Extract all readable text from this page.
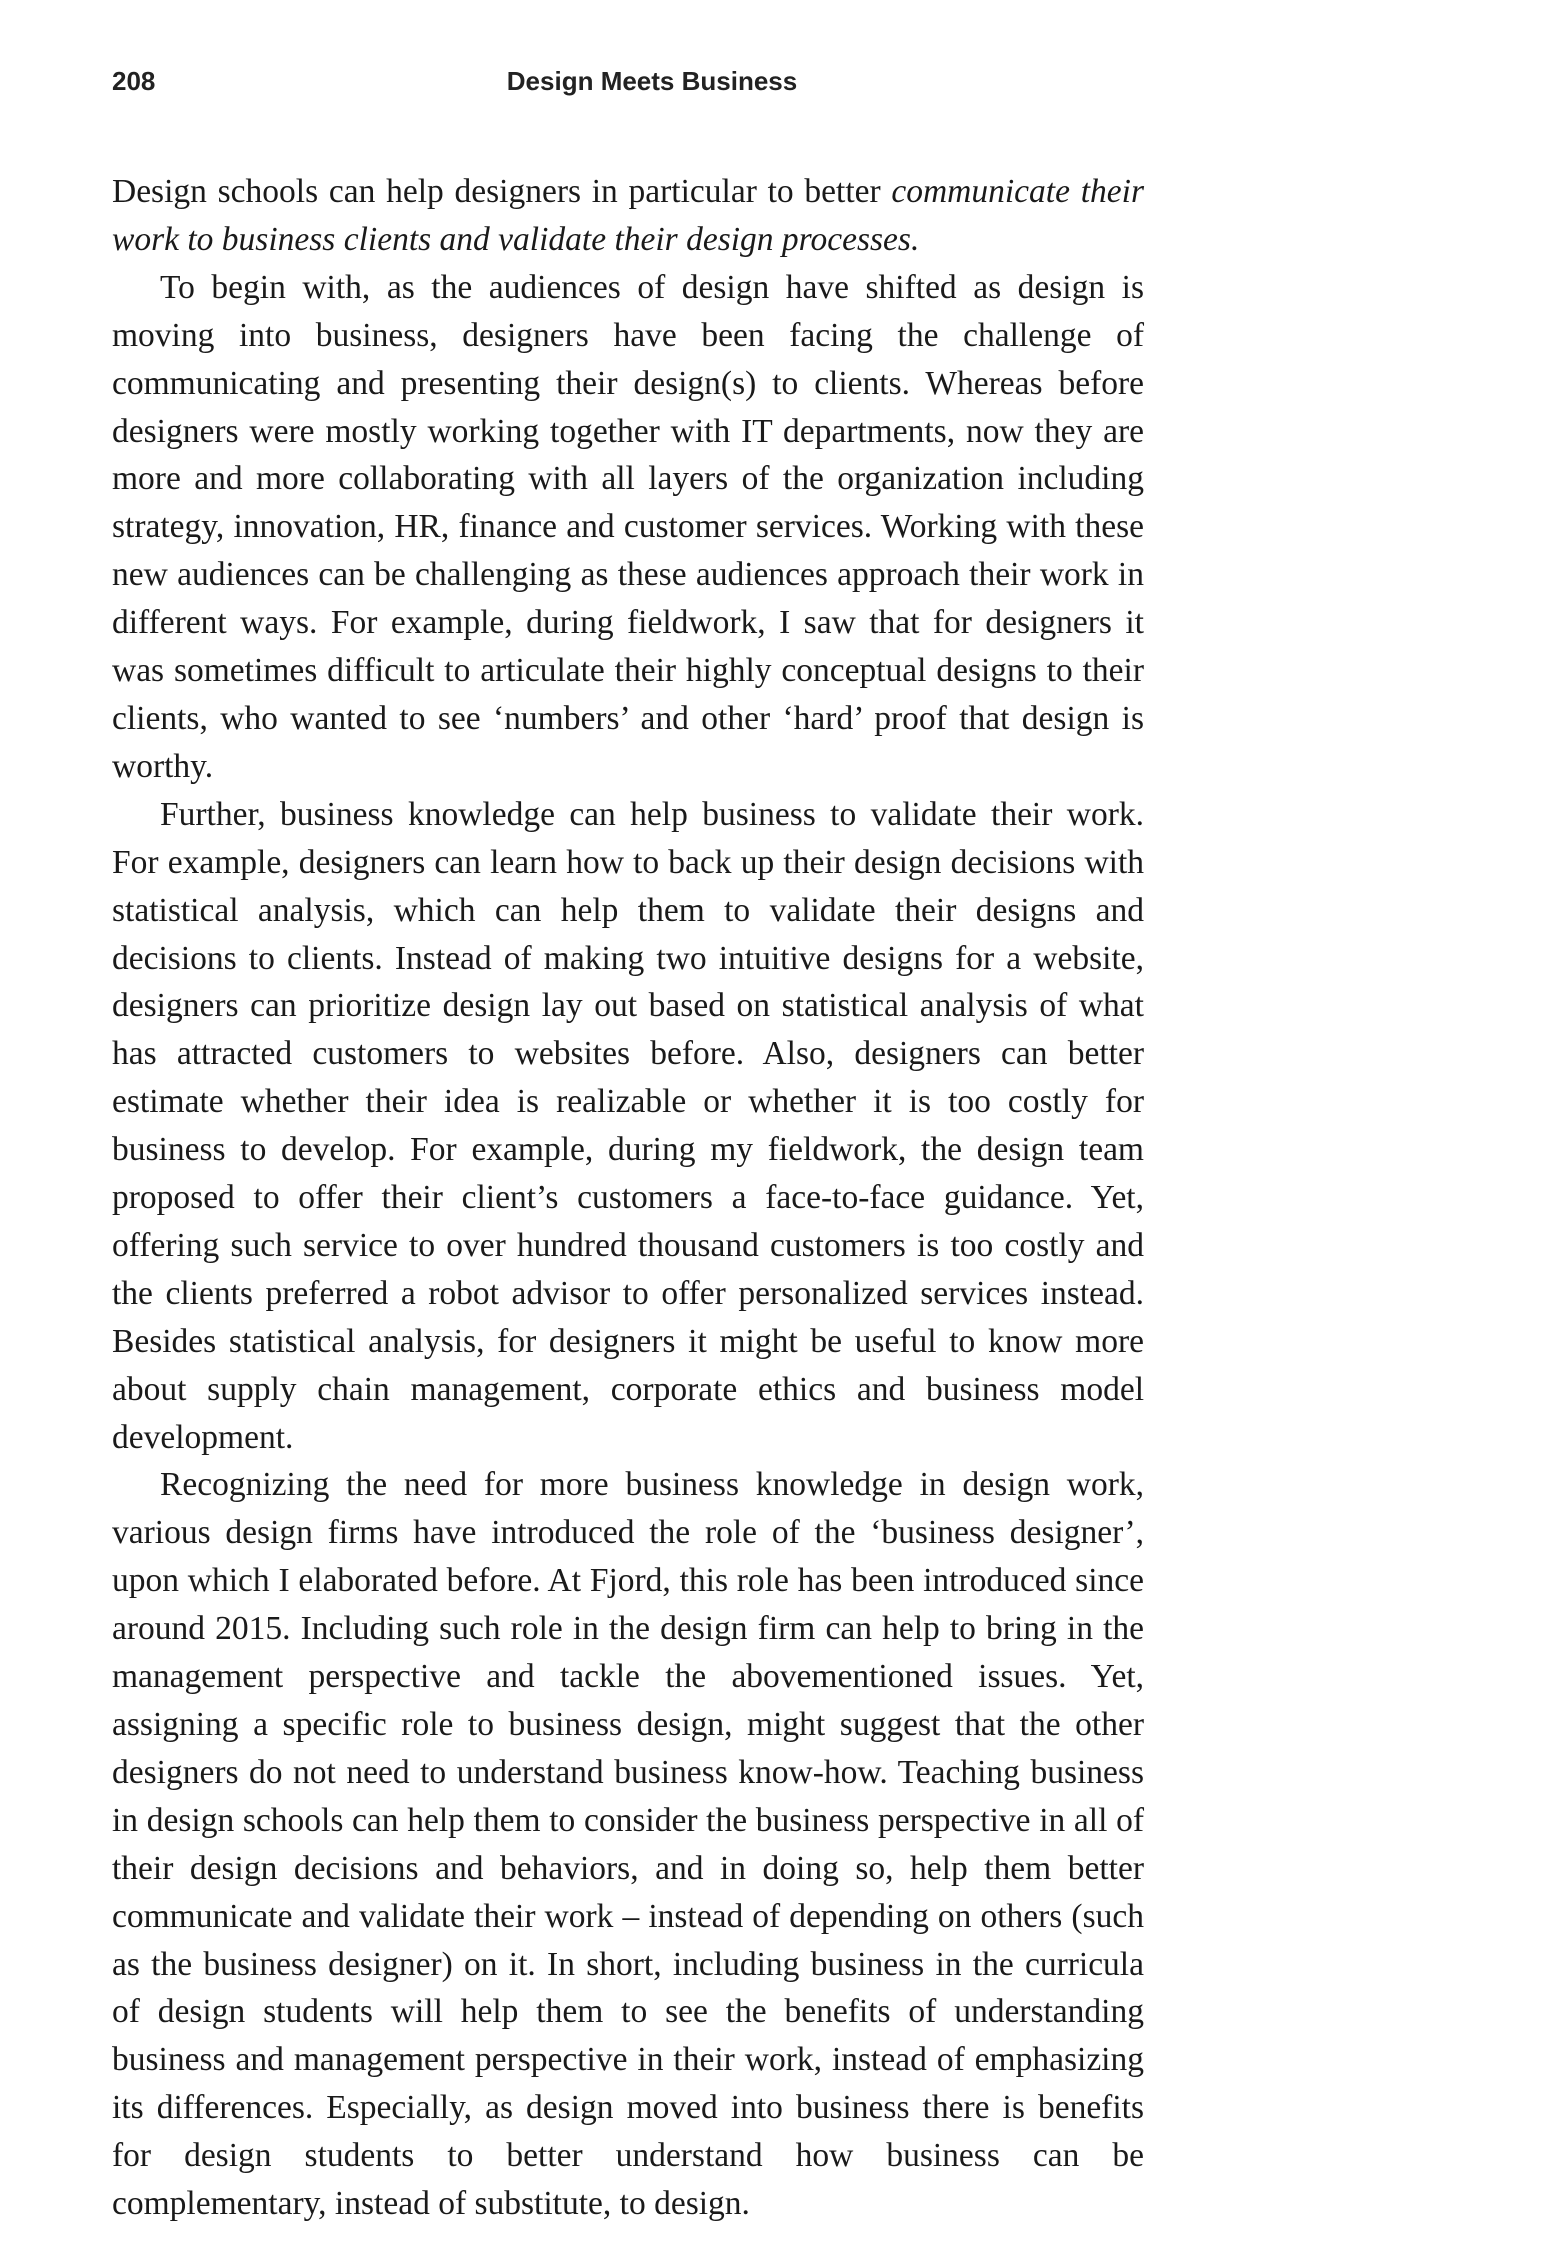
208	Design Meets Business

Design schools can help designers in particular to better communicate their work to business clients and validate their design processes.

To begin with, as the audiences of design have shifted as design is moving into business, designers have been facing the challenge of communicating and presenting their design(s) to clients. Whereas before designers were mostly working together with IT departments, now they are more and more collaborating with all layers of the organization including strategy, innovation, HR, finance and customer services. Working with these new audiences can be challenging as these audiences approach their work in different ways. For example, during fieldwork, I saw that for designers it was sometimes difficult to articulate their highly conceptual designs to their clients, who wanted to see ‘numbers’ and other ‘hard’ proof that design is worthy.

Further, business knowledge can help business to validate their work. For example, designers can learn how to back up their design decisions with statistical analysis, which can help them to validate their designs and decisions to clients. Instead of making two intuitive designs for a website, designers can prioritize design lay out based on statistical analysis of what has attracted customers to websites before. Also, designers can better estimate whether their idea is realizable or whether it is too costly for business to develop. For example, during my fieldwork, the design team proposed to offer their client’s customers a face-to-face guidance. Yet, offering such service to over hundred thousand customers is too costly and the clients preferred a robot advisor to offer personalized services instead. Besides statistical analysis, for designers it might be useful to know more about supply chain management, corporate ethics and business model development.

Recognizing the need for more business knowledge in design work, various design firms have introduced the role of the ‘business designer’, upon which I elaborated before. At Fjord, this role has been introduced since around 2015. Including such role in the design firm can help to bring in the management perspective and tackle the abovementioned issues. Yet, assigning a specific role to business design, might suggest that the other designers do not need to understand business know-how. Teaching business in design schools can help them to consider the business perspective in all of their design decisions and behaviors, and in doing so, help them better communicate and validate their work – instead of depending on others (such as the business designer) on it. In short, including business in the curricula of design students will help them to see the benefits of understanding business and management perspective in their work, instead of emphasizing its differences. Especially, as design moved into business there is benefits for design students to better understand how business can be complementary, instead of substitute, to design.
